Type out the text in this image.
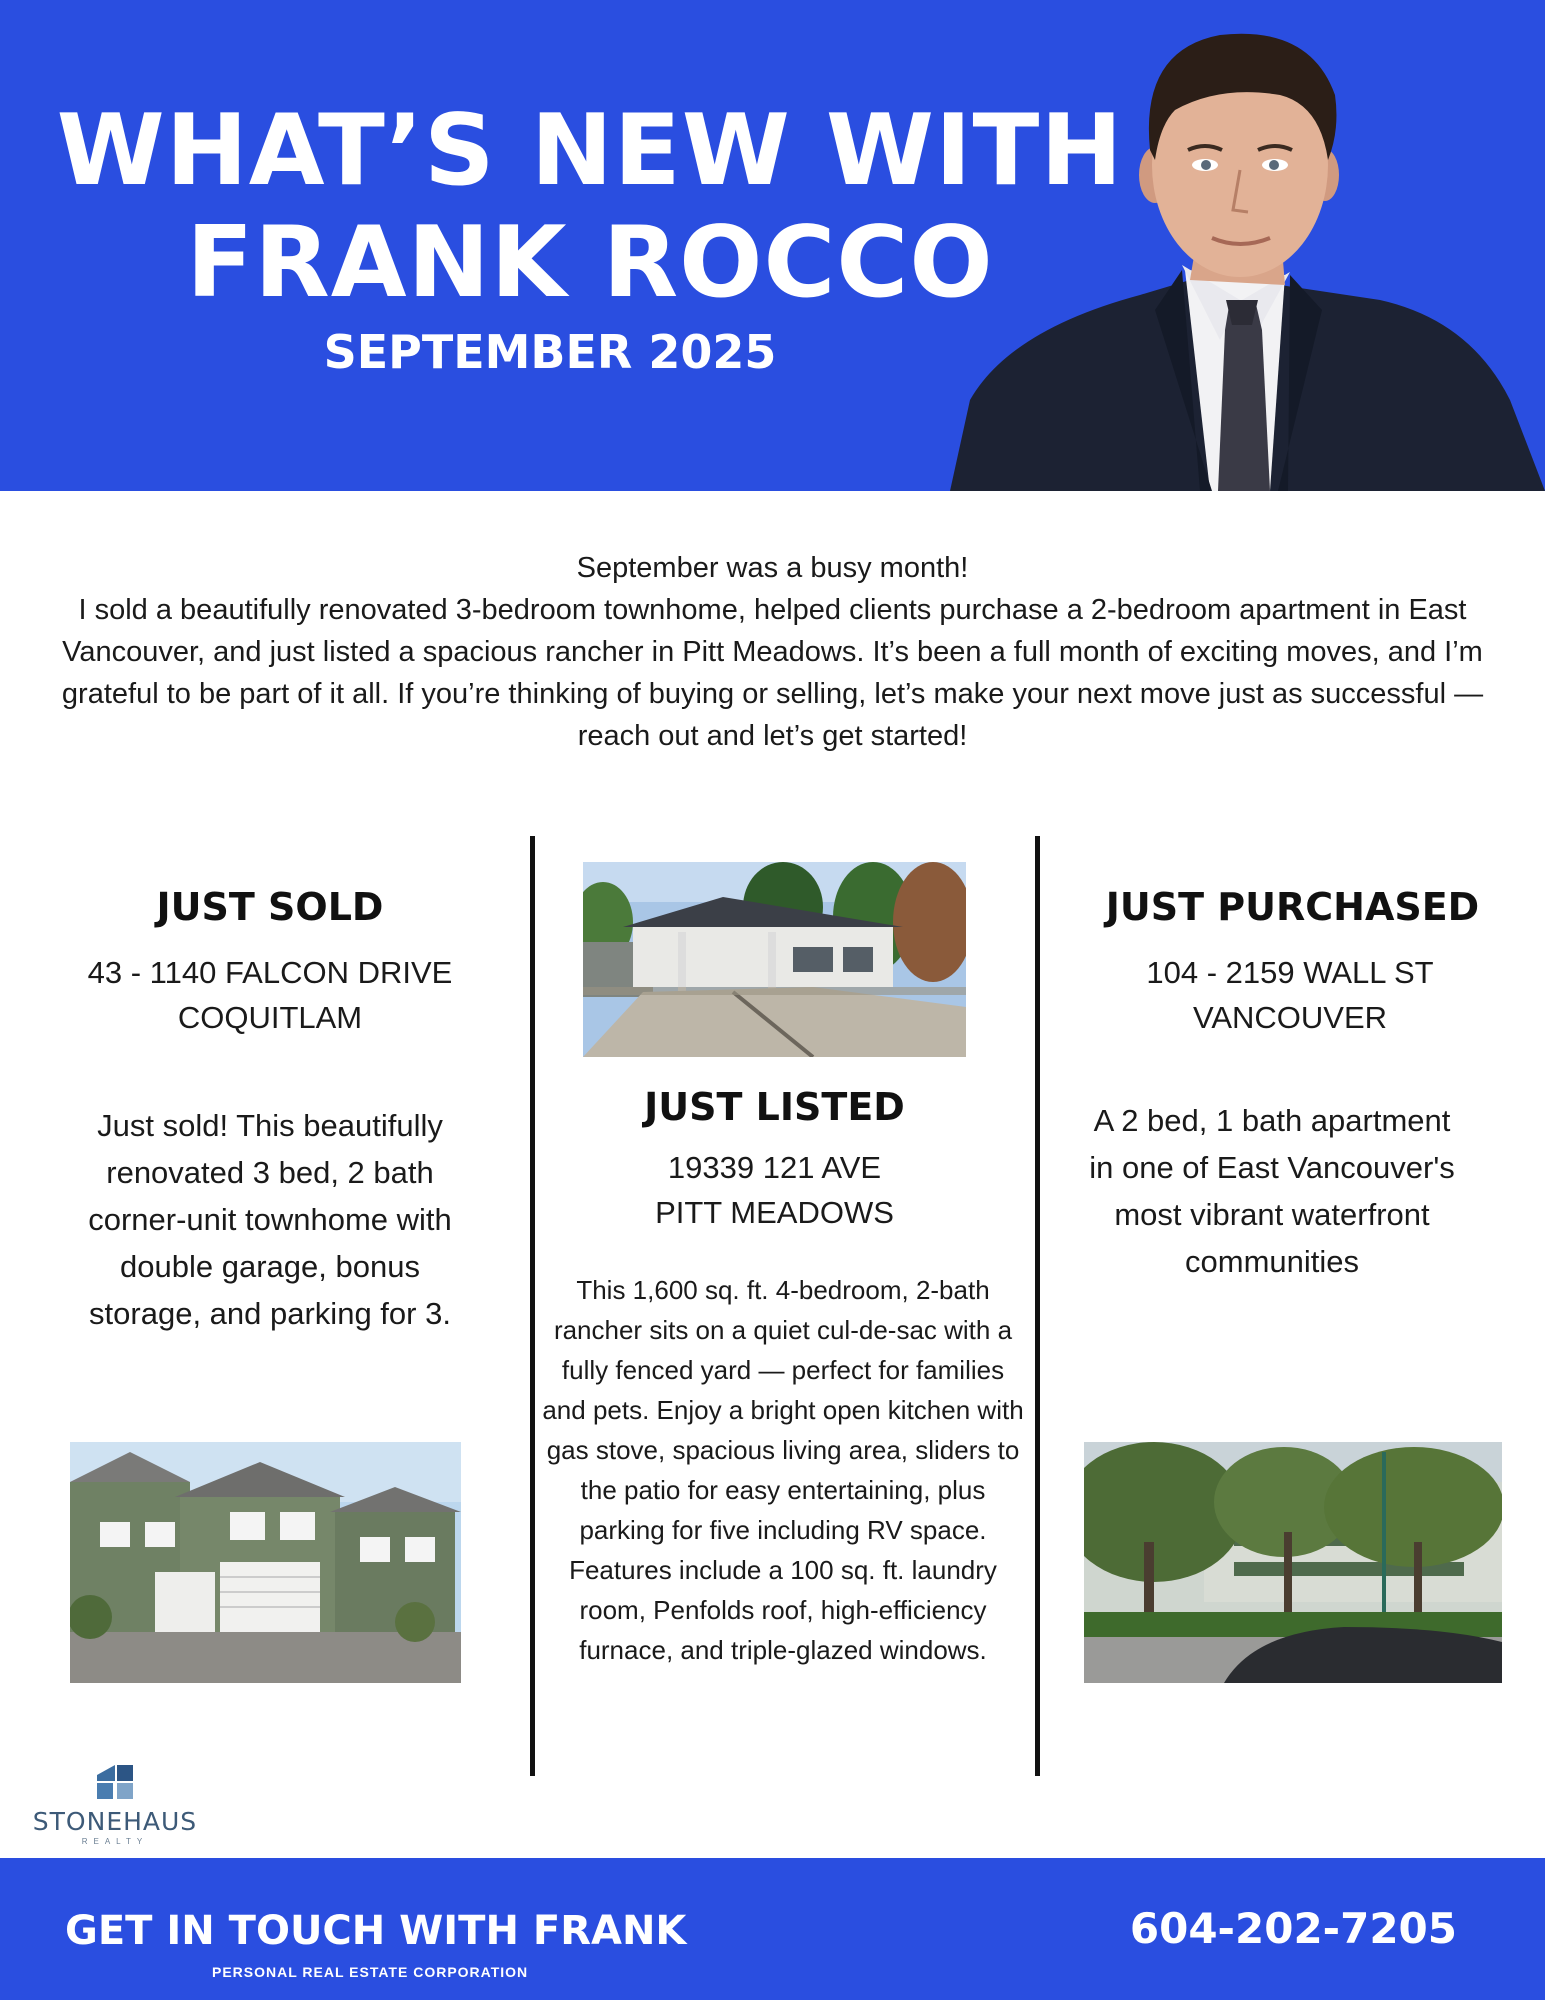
WHAT’S NEW WITH
FRANK ROCCO
SEPTEMBER 2025
September was a busy month!
I sold a beautifully renovated 3-bedroom townhome, helped clients purchase a 2-bedroom apartment in East Vancouver, and just listed a spacious rancher in Pitt Meadows. It’s been a full month of exciting moves, and I’m grateful to be part of it all. If you’re thinking of buying or selling, let’s make your next move just as successful — reach out and let’s get started!
JUST SOLD
43 - 1140 FALCON DRIVE
COQUITLAM
Just sold! This beautifully renovated 3 bed, 2 bath corner-unit townhome with double garage, bonus storage, and parking for 3.
JUST LISTED
19339 121 AVE
PITT MEADOWS
This 1,600 sq. ft. 4-bedroom, 2-bath rancher sits on a quiet cul-de-sac with a fully fenced yard — perfect for families and pets. Enjoy a bright open kitchen with gas stove, spacious living area, sliders to the patio for easy entertaining, plus parking for five including RV space. Features include a 100 sq. ft. laundry room, Penfolds roof, high-efficiency furnace, and triple-glazed windows.
JUST PURCHASED
104 - 2159 WALL ST
VANCOUVER
A 2 bed, 1 bath apartment in one of East Vancouver's most vibrant waterfront communities
STONEHAUS
REALTY
GET IN TOUCH WITH FRANK
PERSONAL REAL ESTATE CORPORATION
604-202-7205
